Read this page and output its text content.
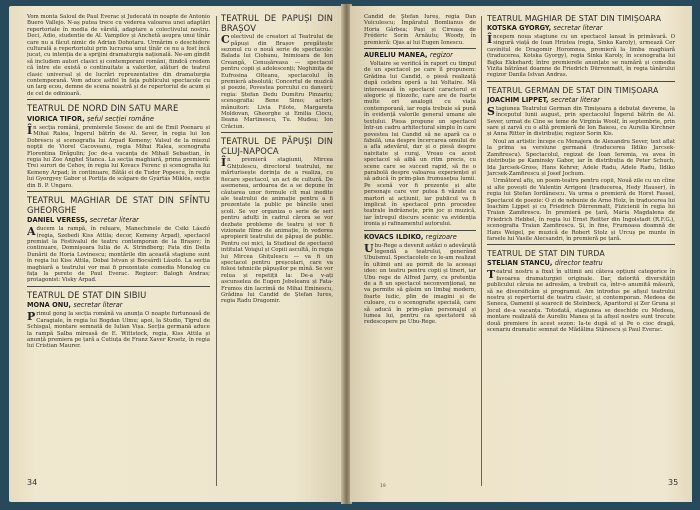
Vom monta Saloul de Paul Everac și Judecată în noapte de Antonio Buero Vallejo. N-aș putea trece cu vederea valoarea unei adaptări repertoriale în media de vârstă, adaptare a colectivului nostru. Deci, Adio, studentie de Al. Vampilov și Anchetă asupra unui tînăr care nu a făcut nimic de Adrian Dohotaru. Urmărim o deschidere culturală a repertoriului prin lucrarea unui tînăr ce nu a fost încă jucat, cu intenția de a sprijini dramaturgia națională. Ne-am gîndit să includem autori clasici și contemporani români, fiindcă credem că între ele există o continuitate a valorilor, alături de teatrul clasic universal și de lucrări reprezentative din dramaturgia contemporană. Vom aduce astfel în fața publicului spectacole cu un larg ecou, demne de scena noastră și de repertoriul de acum și de cel de odinioară.

TEATRUL DE NORD DIN SATU MARE
VIORICA TIFOR, șeful secției române

În secția română, premierele Sosesc de ani de Emil Poenaru și Mihai Ralea, Îngerul bătrîn de Al. Sever, în regia lui Ion Dobrescu și scenografia lui Arpad Kemeny; Valsul de la miezul nopții de Viorel Cacoveanu, regia Mihai Ralea, scenografia Florentina Drăgulin; Joc de-a vacanța de Mihail Sebastian, în regia lui Zoe Anghel Stanca. La secția maghiară, prima premieră: Trei surori de Cehov, în regia lui Kovacs Ferenc și scenografia lui Kemeny Arpad; în continuare, Bătăi ei de Tudor Popescu, în regia lui Gyorgyey Gabor și Portița de scăpare de Gyártás Miklós, secție din B. P. Ungaro.

TEATRUL MAGHIAR DE STAT DIN SFÎNTU GHEORGHE
DANIEL VERESS, secretar literar

Aducem la rampă, în reluare, Manechinele de Csiki László (regia, Szebedi Kiss Attila; decor, Kemeny Arpad), spectacol premiat la Festivalul de teatru contemporan de la Brașov; în continuare, Domnișoara Iulia de A. Strindberg; Fata din Delta Dunării de Horia Lovinescu; montările din această stagiune sunt în regia lui Kiss Attila, Dobai Istvan și Bocsárdi László. La secția maghiară a teatrului vor mai fi prezentate comedia Monolog cu fața la perete de Paul Everac. Regizor: Balogh Andras; protagonist: Visky Arpad.

TEATRUL DE STAT DIN SIBIU
MONA ONU, secretar literar

Primul gong la secția română va anunța O noapte furtunoasă de Caragiale, în regia lui Bogdan Ulmu; apoi, la Studio, Tigrul de Schisgal, montare semnată de Iulian Vișa. Secția germană aduce la rampă Salba mireasă de E. Wittstock, regia, Kiss Attila și anunță premiera pe țară a Cutiuța de Franz Xaver Kroetz, în regia lui Cristian Maurer.

TEATRUL DE PĂPUȘI DIN BRAȘOV

Colectivul de creatori al Teatrului de păpuși din Brașov pregătește sezonul cu o nouă serie de spectacole: Balada lui Ciobanu, Inimioara de Ion Creangă, Cenușăreasa — spectacol pentru copii și adolescenți; Neghinița de Eufrosina Olteanu, spectacolul în premieră absolută; Concertul de muzică și poezie, Povestea porcului cu dansuri; regia: Ștefan Dedu Dumitru Pinzariu; scenografia: Bene Simo; actori-mânuitori: Livia Filote, Margareta Moldovan, Gheorghe și Emilia Ciocu, Ileana Martinescu, Tu. Mudea; Ion Crăciun.

TEATRUL DE PĂPUȘI DIN CLUJ-NAPOCA

În premieră stagiunii, Mircea Ghițulescu, directorul teatrului, ne mărturisește dorința de a realiza, cu fiecare spectacol, un act de cultură. De asemenea, ardoarea de a se depune în căutarea unor formule cît mai inedite ale teatrului de animație pentru a fi prezentate la public pe băncile unei școli. Se vor organiza o serie de seri pentru adulți în cadrul cărora se vor dezbate probleme de teatru și vor fi vizionate filme de animație, în vederea apropierii teatrului de păpuși de public. Pentru cei mici, la Studioul de spectacol intitulat Voiajul și Copiii ascultă, în regia lui Mircea Ghițulescu — va fi un spectacol pentru preșcolari, care va folosi tehnicile păpușilor pe mînă. Se vor relua și repetiții la: De-a v-ați ascunselea de Eugen Jebeleanu și Fata-Frumos din lacrimă de Mihai Eminescu, Grădina lui Candid de Ștefan Iures, regia Radu Dragomir.

34

Candid de Ștefan Iureș, regia Dan Vuiculescu; Împăratul Bomlianus de Horia Gârbea; Pași și Cireașa de Frédéric Sorin Arnăutu; Woody, în premieră: Ojas ai lui Eugen Ionescu.

AURELIU MANEA, regizor

Voltaire se verifică în raport cu timpul de un spectacol pe care îl propunem: Grădina lui Candid, o piesă realizată după celebra operă a lui Voltaire. Mă interesează în spectacol caracterul ei alegoric și filozofic, care are de foarte multe ori analogii cu viața contemporană, iar regia trebuie să pună în evidență valorile general umane ale textului. Piesa propune un spectacol într-un cadru arhitectural simplu în care povestea lui Candid să ne apară ca o fabulă, una despre încercarea omului de a afla adevărul, dar și o piesă despre naivitate și curaj. Vreau ca acest spectacol să aibă un ritm precis, cu scene care se succed rapid, să fie o parabolă despre valoarea experienței și să aducă în prim-plan frumusețea lumii. Pe scenă vor fi prezente și alte personaje care vor putea fi văzute ca martori ai acțiunii, iar publicul va fi implicat în spectacol prin procedee teatrale îndrăznețe, prin joc și muzică, iar întregul discurs scenic va evidenția ironia și rafinamentul autorului.

KOVACS ILDIKO, regizoare

Ubu-Rege a devenit astăzi o adevărată legendă a teatrului, generând Ubuismul. Spectacolele ce le-am realizat în ultimii ani au pornit de la aceeași idee: un teatru pentru copii și tineri, iar Ubu rege de Alfred Jarry, cu pretenția de a fi un spectacol neconvențional, ne va permite să găsim un limbaj modern, foarte ludic, plin de imagini și de culoare, cu o scenografie specială, care să aducă în prim-plan personajul și lumea lui, pentru ca spectatorii să redescopere pe Ubu-Rege.

TEATRUL MAGHIAR DE STAT DIN TIMIȘOARA
KOTSKA GYORGY, secretar literar

Începem noua stagiune cu un spectacol lansat în primăvară. O singură viață de Ioan Hristea (regia, Sinka Karoly), urmează Cer cavinitul de Dragomir Horomnea, premieră la limba maghiară (traducerea, Kotska Gyorgy), regia Sinka Karoly, în scenografia lui Bajka Ekkehard; între premierele anunțate se numără și comedia Vizita bătrânei doamne de Friedrich Dürrenmatt, în regia tânărului regizor Danila Istvan Andras.

TEATRUL GERMAN DE STAT DIN TIMIȘOARA
JOACHIM LIPPET, secretar literar

Stagiunea Teatrului German din Timișoara a debutat devreme, la începutul lunii august, prin spectacolul Îngerul bătrîn de Al. Sever, urmat de Cine se teme de Virginia Woolf, în septembrie, prin sare și zarvă cu o altă premieră de Ion Baiesu, cu Aurelia Kirchner și Anna Ritter în distribuție; regizor Sorin Kis.

Noul an artistic începe cu Menajera de Alexandru Sever, text aflat la prima sa versiune germană (traducerea Ildiko Jarcsek-Zamfirescu). Spectacolul, regizat de Ioan Ieremia, va avea în distribuție pe Kaminsky Gabor, iar în distribuția de Peter Schuch, Ida Jarcsek-Gross, Hans Kehrer, Adele Radu, Adele Radu, Ildiko Jarcsek-Zamfirescu și Josef Jochum.

Următorul afiș, un poem-teatru pentru copii, Nouă zile cu un cîine și alte povești de Valentin Arrigoni (traducerea, Hedy Hauser), în regia lui Ștefan Iordănescu. Va urma o premieră de Horst Fassel, Spectacol de poezie: O zi de nebunie de Arno Holz, în traducerea lui Ioachim Lippet și cu Friedrich Dürrenmatt, Fizicienii în regia lui Traian Zamfirescu. În premieră pe țară, Maria Magdalena de Friedrich Hebbel, în regia lui Ernst Reitter din Ingolstadt (R.F.G.), scenografia Traian Zamfirescu. Și, în fine, Frumoasa doamnă de Hans Weigel, pe muzică de Robert Stolz și Urcuș pe munte în farsele lui Vasile Alecsandri, în premieră pe țară.

TEATRUL DE STAT DIN TURDA
STELIAN STANCU, director teatru

Teatrul nostru a fixat în ultimii ani câteva opțiuni categorice în favoarea dramaturgiei originale. Dar, datorită diversității publicului căruia ne adresăm, a trebuit ca, într-o anumită măsură, să ne diversificăm și programul. Am introdus pe afișul teatrului nostru și repertoriul de teatru clasic, și contemporan. Medeea de Seneca, Oamenii și soarecii de Steinbeck, Aparitorul și Zer Gruna și Jocul de-a vacanța. Totodată, stagiunea se deschide cu Medeea, montare realizată de Aureliu Manea și la afișul nostru sunt trecute două premiere în acest sezon: Ia-te după el și Pe o cioc dragă, scenariu dramatic semnat de Mădălina Stănescu și Paul Everac.

19	35
